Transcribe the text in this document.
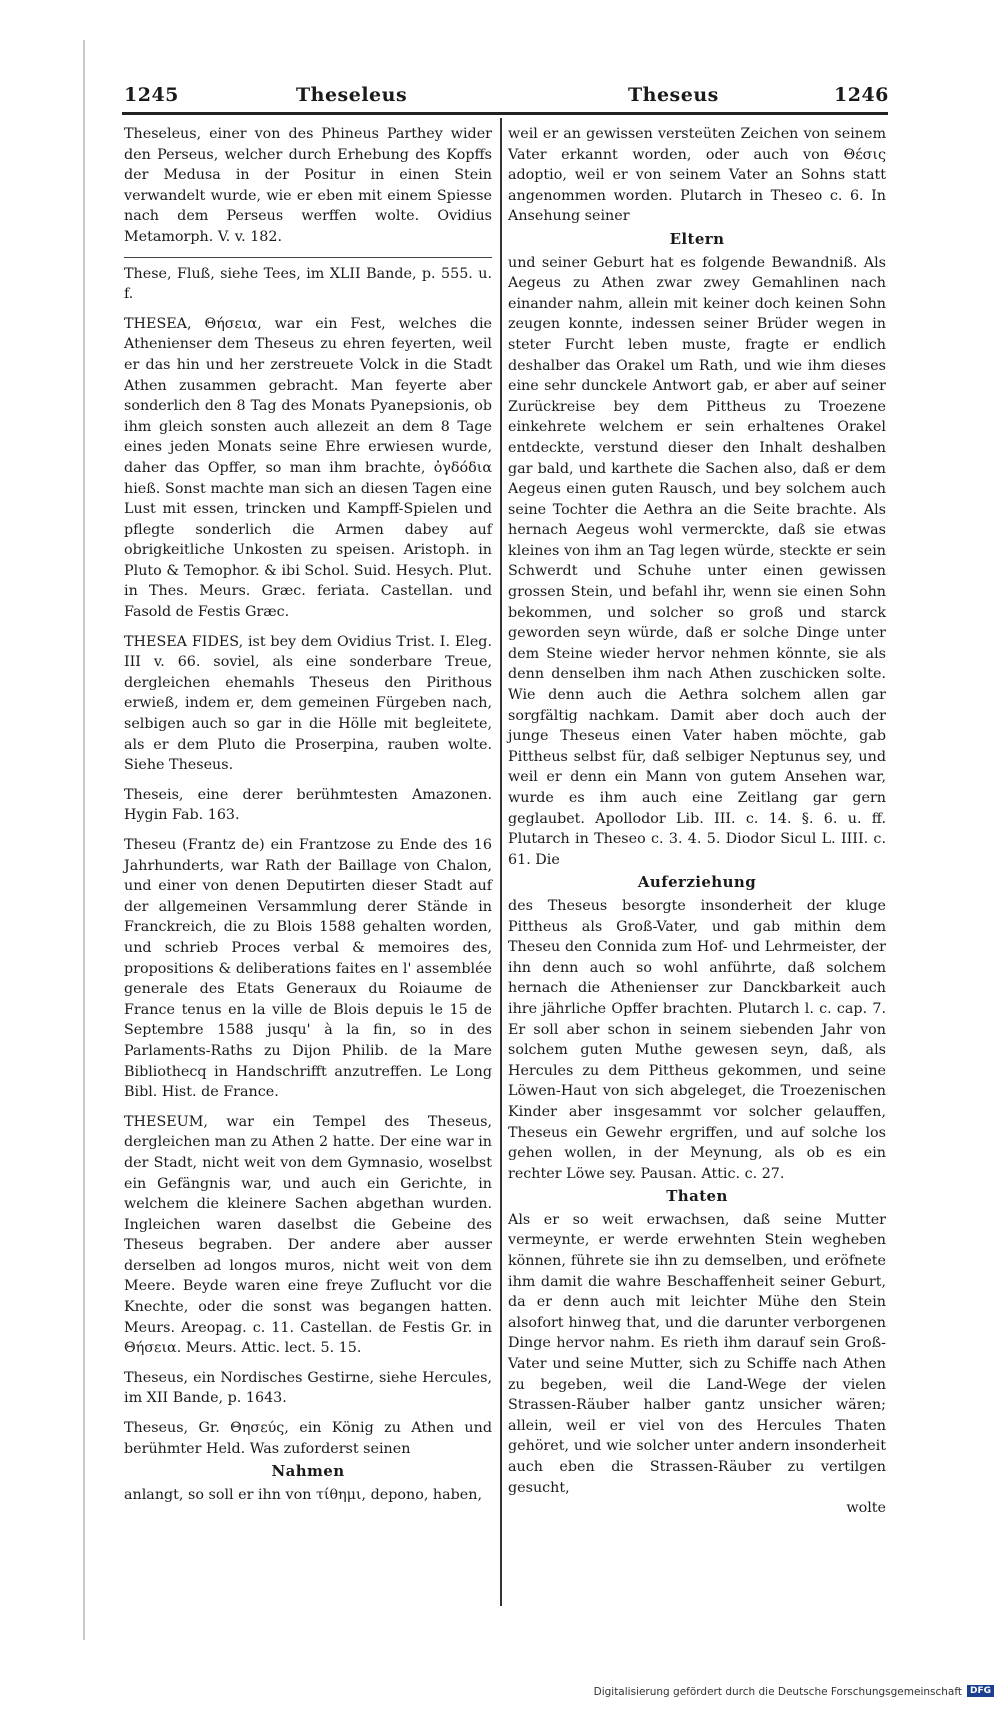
1245	Theseleus	Theseus	1246

Theseleus, einer von des Phineus Parthey wider den Perseus, welcher durch Erhebung des Kopffs der Medusa in der Positur in einen Stein verwandelt wurde, wie er eben mit einem Spiesse nach dem Perseus werffen wolte. Ovidius Metamorph. V. v. 182.

These, Fluß, siehe Tees, im XLII Bande, p. 555. u. f.

THESEA, Θήσεια, war ein Fest, welches die Athenienser dem Theseus zu ehren feyerten, weil er das hin und her zerstreuete Volck in die Stadt Athen zusammen gebracht. Man feyerte aber sonderlich den 8 Tag des Monats Pyanepsionis, ob ihm gleich sonsten auch allezeit an dem 8 Tage eines jeden Monats seine Ehre erwiesen wurde, daher das Opffer, so man ihm brachte, ὀγδόδια hieß. Sonst machte man sich an diesen Tagen eine Lust mit essen, trincken und Kampff-Spielen und pflegte sonderlich die Armen dabey auf obrigkeitliche Unkosten zu speisen. Aristoph. in Pluto & Temophor. & ibi Schol. Suid. Hesych. Plut. in Thes. Meurs. Græc. feriata. Castellan. und Fasold de Festis Græc.

THESEA FIDES, ist bey dem Ovidius Trist. I. Eleg. III v. 66. soviel, als eine sonderbare Treue, dergleichen ehemahls Theseus den Pirithous erwieß, indem er, dem gemeinen Fürgeben nach, selbigen auch so gar in die Hölle mit begleitete, als er dem Pluto die Proserpina, rauben wolte. Siehe Theseus.

Theseis, eine derer berühmtesten Amazonen. Hygin Fab. 163.

Theseu (Frantz de) ein Frantzose zu Ende des 16 Jahrhunderts, war Rath der Baillage von Chalon, und einer von denen Deputirten dieser Stadt auf der allgemeinen Versammlung derer Stände in Franckreich, die zu Blois 1588 gehalten worden, und schrieb Proces verbal & memoires des, propositions & deliberations faites en l' assemblée generale des Etats Generaux du Roiaume de France tenus en la ville de Blois depuis le 15 de Septembre 1588 jusqu' à la fin, so in des Parlaments-Raths zu Dijon Philib. de la Mare Bibliothecq in Handschrifft anzutreffen. Le Long Bibl. Hist. de France.

THESEUM, war ein Tempel des Theseus, dergleichen man zu Athen 2 hatte. Der eine war in der Stadt, nicht weit von dem Gymnasio, woselbst ein Gefängnis war, und auch ein Gerichte, in welchem die kleinere Sachen abgethan wurden. Ingleichen waren daselbst die Gebeine des Theseus begraben. Der andere aber ausser derselben ad longos muros, nicht weit von dem Meere. Beyde waren eine freye Zuflucht vor die Knechte, oder die sonst was begangen hatten. Meurs. Areopag. c. 11. Castellan. de Festis Gr. in Θήσεια. Meurs. Attic. lect. 5. 15.

Theseus, ein Nordisches Gestirne, siehe Hercules, im XII Bande, p. 1643.

Theseus, Gr. Θησεύς, ein König zu Athen und berühmter Held. Was zuforderst seinen

Nahmen

anlangt, so soll er ihn von τίθημι, depono, haben,

weil er an gewissen versteüten Zeichen von seinem Vater erkannt worden, oder auch von Θέσις adoptio, weil er von seinem Vater an Sohns statt angenommen worden. Plutarch in Theseo c. 6. In Ansehung seiner

Eltern

und seiner Geburt hat es folgende Bewandniß. Als Aegeus zu Athen zwar zwey Gemahlinen nach einander nahm, allein mit keiner doch keinen Sohn zeugen konnte, indessen seiner Brüder wegen in steter Furcht leben muste, fragte er endlich deshalber das Orakel um Rath, und wie ihm dieses eine sehr dunckele Antwort gab, er aber auf seiner Zurückreise bey dem Pittheus zu Troezene einkehrete welchem er sein erhaltenes Orakel entdeckte, verstund dieser den Inhalt deshalben gar bald, und karthete die Sachen also, daß er dem Aegeus einen guten Rausch, und bey solchem auch seine Tochter die Aethra an die Seite brachte. Als hernach Aegeus wohl vermerckte, daß sie etwas kleines von ihm an Tag legen würde, steckte er sein Schwerdt und Schuhe unter einen gewissen grossen Stein, und befahl ihr, wenn sie einen Sohn bekommen, und solcher so groß und starck geworden seyn würde, daß er solche Dinge unter dem Steine wieder hervor nehmen könnte, sie als denn denselben ihm nach Athen zuschicken solte. Wie denn auch die Aethra solchem allen gar sorgfältig nachkam. Damit aber doch auch der junge Theseus einen Vater haben möchte, gab Pittheus selbst für, daß selbiger Neptunus sey, und weil er denn ein Mann von gutem Ansehen war, wurde es ihm auch eine Zeitlang gar gern geglaubet. Apollodor Lib. III. c. 14. §. 6. u. ff. Plutarch in Theseo c. 3. 4. 5. Diodor Sicul L. IIII. c. 61. Die

Auferziehung

des Theseus besorgte insonderheit der kluge Pittheus als Groß-Vater, und gab mithin dem Theseu den Connida zum Hof- und Lehrmeister, der ihn denn auch so wohl anführte, daß solchem hernach die Athenienser zur Danckbarkeit auch ihre jährliche Opffer brachten. Plutarch l. c. cap. 7. Er soll aber schon in seinem siebenden Jahr von solchem guten Muthe gewesen seyn, daß, als Hercules zu dem Pittheus gekommen, und seine Löwen-Haut von sich abgeleget, die Troezenischen Kinder aber insgesammt vor solcher gelauffen, Theseus ein Gewehr ergriffen, und auf solche los gehen wollen, in der Meynung, als ob es ein rechter Löwe sey. Pausan. Attic. c. 27.

Thaten

Als er so weit erwachsen, daß seine Mutter vermeynte, er werde erwehnten Stein wegheben können, führete sie ihn zu demselben, und eröfnete ihm damit die wahre Beschaffenheit seiner Geburt, da er denn auch mit leichter Mühe den Stein alsofort hinweg that, und die darunter verborgenen Dinge hervor nahm. Es rieth ihm darauf sein Groß-Vater und seine Mutter, sich zu Schiffe nach Athen zu begeben, weil die Land-Wege der vielen Strassen-Räuber halber gantz unsicher wären; allein, weil er viel von des Hercules Thaten gehöret, und wie solcher unter andern insonderheit auch eben die Strassen-Räuber zu vertilgen gesucht,

wolte

Digitalisierung gefördert durch die Deutsche Forschungsgemeinschaft DFG
